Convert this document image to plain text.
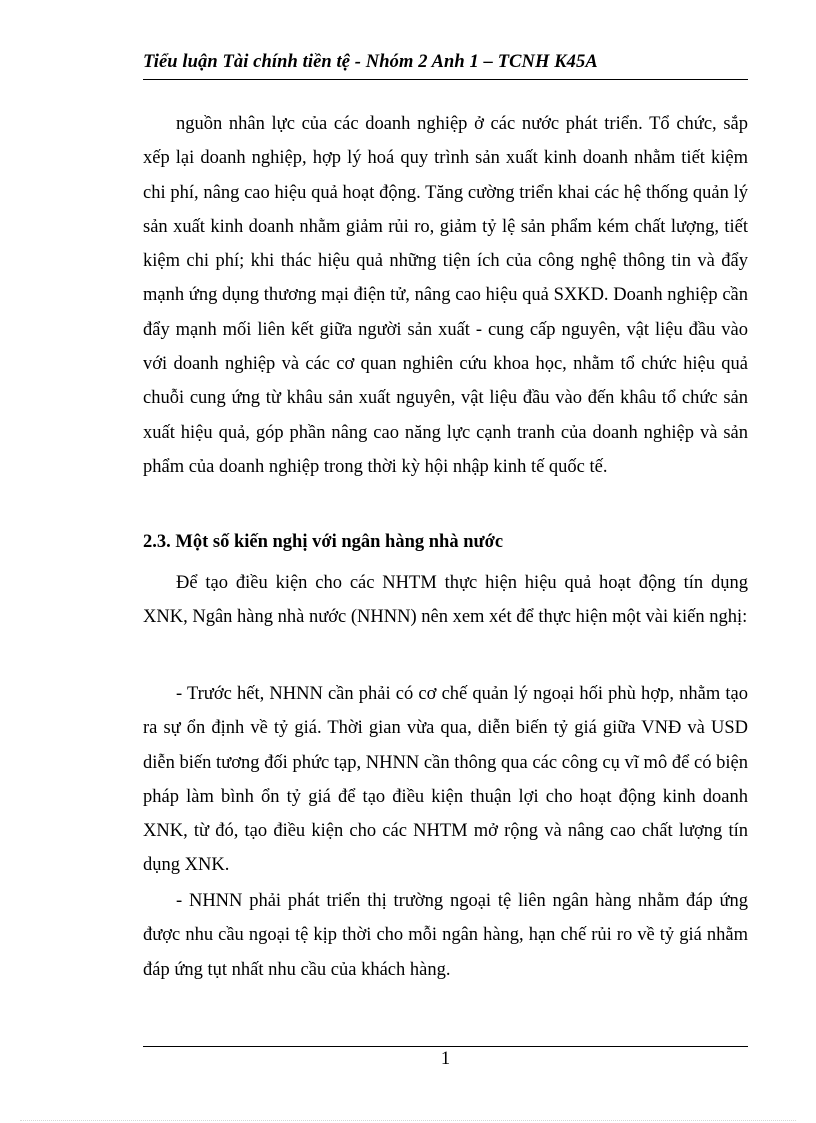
Tiểu luận Tài chính tiền tệ - Nhóm 2 Anh 1 – TCNH K45A

nguồn nhân lực của các doanh nghiệp ở các nước phát triển. Tổ chức, sắp xếp lại doanh nghiệp, hợp lý hoá quy trình sản xuất kinh doanh nhằm tiết kiệm chi phí, nâng cao hiệu quả hoạt động. Tăng cường triển khai các hệ thống quản lý sản xuất kinh doanh nhằm giảm rủi ro, giảm tỷ lệ sản phẩm kém chất lượng, tiết kiệm chi phí; khi thác hiệu quả những tiện ích của công nghệ thông tin và đẩy mạnh ứng dụng thương mại điện tử, nâng cao hiệu quả SXKD. Doanh nghiệp cần đẩy mạnh mối liên kết giữa người sản xuất - cung cấp nguyên, vật liệu đầu vào với doanh nghiệp và các cơ quan nghiên cứu khoa học, nhằm tổ chức hiệu quả chuỗi cung ứng từ khâu sản xuất nguyên, vật liệu đầu vào đến khâu tổ chức sản xuất hiệu quả, góp phần nâng cao năng lực cạnh tranh của doanh nghiệp và sản phẩm của doanh nghiệp trong thời kỳ hội nhập kinh tế quốc tế.

2.3. Một số kiến nghị với ngân hàng nhà nước

Để tạo điều kiện cho các NHTM thực hiện hiệu quả hoạt động tín dụng XNK, Ngân hàng nhà nước (NHNN) nên xem xét để thực hiện một vài kiến nghị:

- Trước hết, NHNN cần phải có cơ chế quản lý ngoại hối phù hợp, nhằm tạo ra sự ổn định về tỷ giá. Thời gian vừa qua, diễn biến tỷ giá giữa VNĐ và USD diễn biến tương đối phức tạp, NHNN cần thông qua các công cụ vĩ mô để có biện pháp làm bình ổn tỷ giá để tạo điều kiện thuận lợi cho hoạt động kinh doanh XNK, từ đó, tạo điều kiện cho các NHTM mở rộng và nâng cao chất lượng tín dụng XNK.

- NHNN phải phát triển thị trường ngoại tệ liên ngân hàng nhằm đáp ứng được nhu cầu ngoại tệ kịp thời cho mỗi ngân hàng, hạn chế rủi ro về tỷ giá nhằm đáp ứng tụt nhất nhu cầu của khách hàng.

1
